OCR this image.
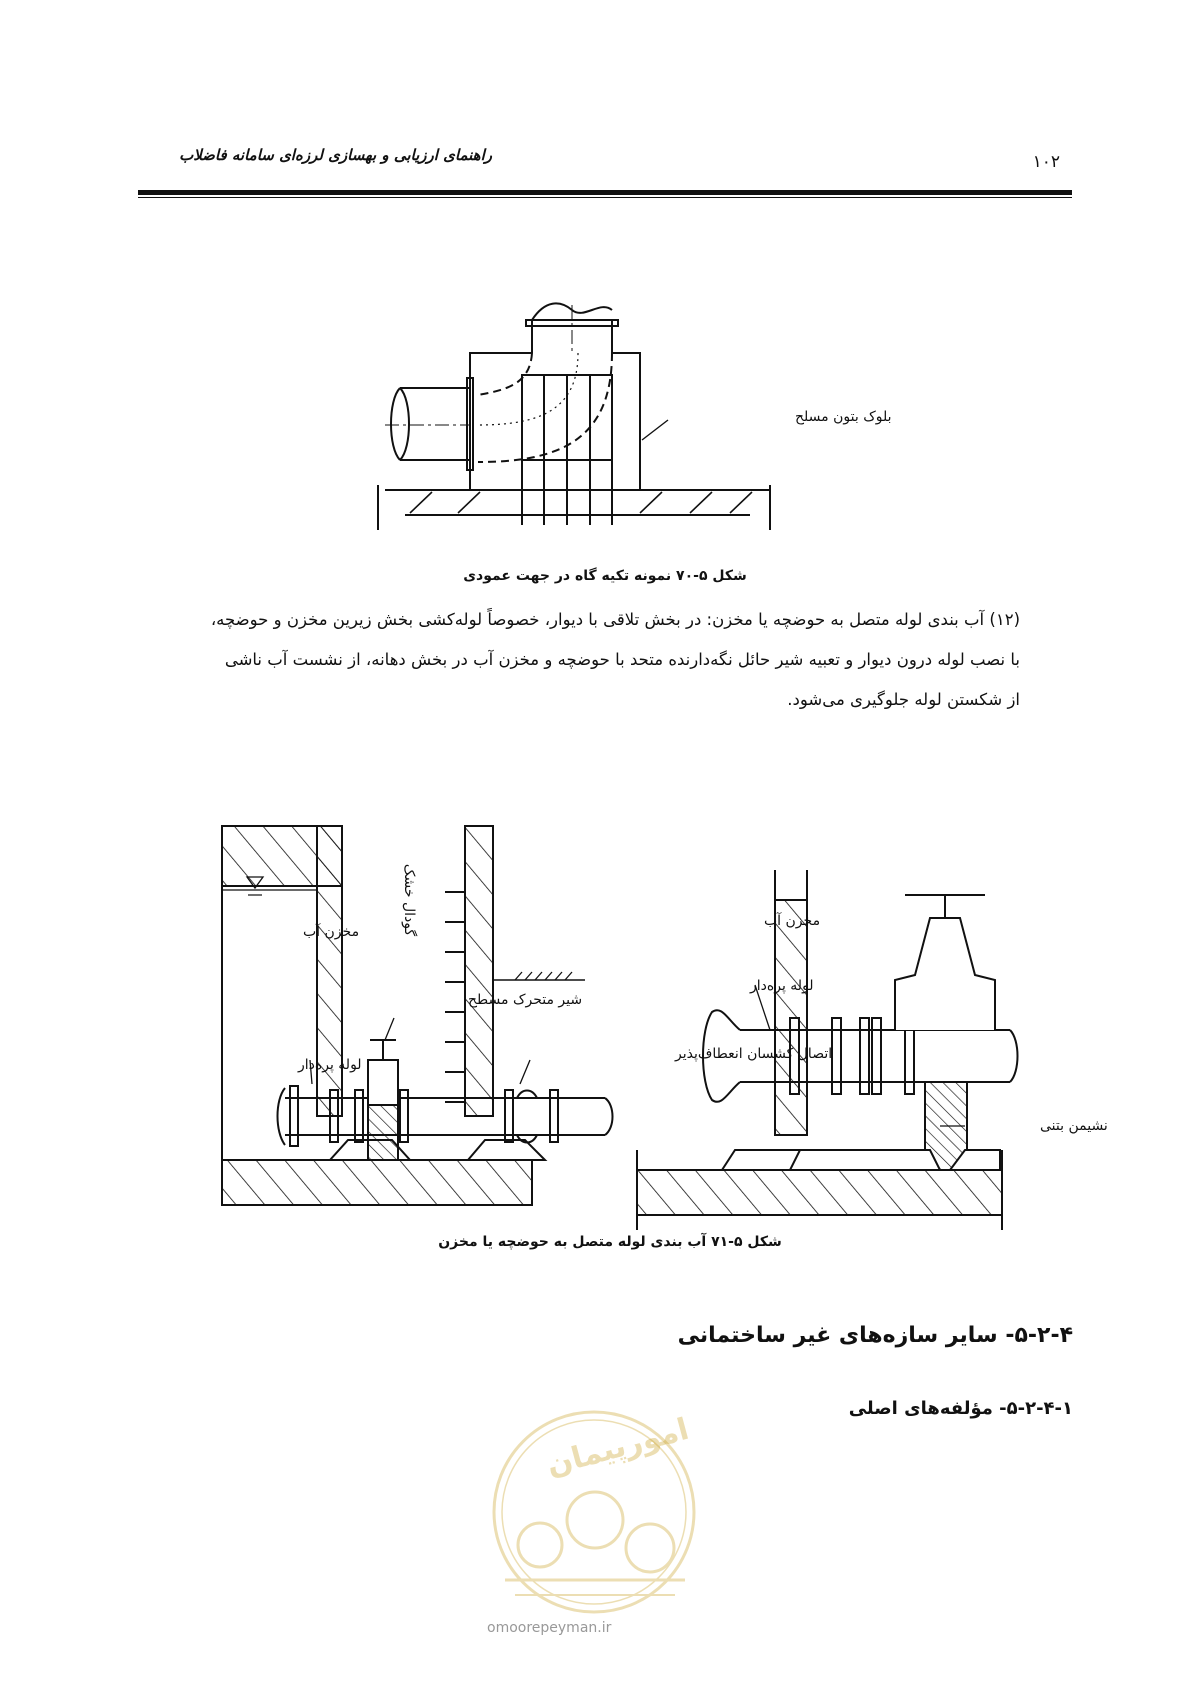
راهنمای ارزیابی و بهسازی لرزه‌ای سامانه فاضلاب	۱۰۲
بلوک بتون مسلح
مخزن آب	گودال خشک
شیر متحرک مسطح
اتصال کشسان انعطاف‌پذیر
لوله پره‌دار
مخزن آب
لوله پره‌دار
نشیمن بتنی
شکل ۵-۷۰ نمونه تکیه گاه در جهت عمودی
(۱۲) آب بندی لوله متصل به حوضچه یا مخزن: در بخش تلاقی با دیوار، خصوصاً لوله‌کشی بخش زیرین مخزن و حوضچه،
با نصب لوله درون دیوار و تعبیه شیر حائل نگه‌دارنده متحد با حوضچه و مخزن آب در بخش دهانه، از نشست آب ناشی
از شکستن لوله جلوگیری می‌شود.
شکل ۵-۷۱ آب بندی لوله متصل به حوضچه یا مخزن
۵-۲-۴- سایر سازه‌های غیر ساختمانی
۵-۲-۴-۱- مؤلفه‌های اصلی
امورپیمان
omoorepeyman.ir
